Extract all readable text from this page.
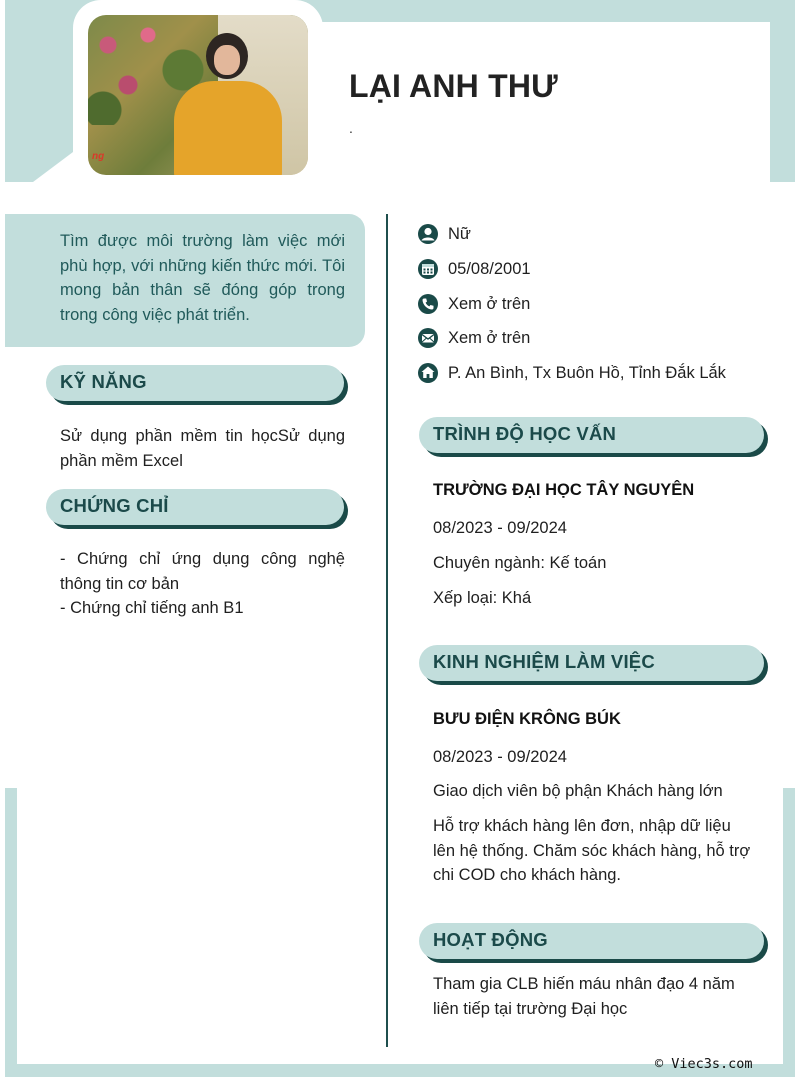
ng
LẠI ANH THƯ
.
Tìm được môi trường làm việc mới phù hợp, với những kiến thức mới. Tôi mong bản thân sẽ đóng góp trong trong công việc phát triển.
KỸ NĂNG
Sử dụng phần mềm tin họcSử dụng phần mềm Excel
CHỨNG CHỈ
- Chứng chỉ ứng dụng công nghệ thông tin cơ bản
- Chứng chỉ tiếng anh B1
Nữ
05/08/2001
Xem ở trên
Xem ở trên
P. An Bình, Tx Buôn Hồ, Tỉnh Đắk Lắk
TRÌNH ĐỘ HỌC VẤN
TRƯỜNG ĐẠI HỌC TÂY NGUYÊN
08/2023 - 09/2024
Chuyên ngành: Kế toán
Xếp loại: Khá
KINH NGHIỆM LÀM VIỆC
BƯU ĐIỆN KRÔNG BÚK
08/2023 - 09/2024
Giao dịch viên bộ phận Khách hàng lớn
Hỗ trợ khách hàng lên đơn, nhập dữ liệu lên hệ thống. Chăm sóc khách hàng, hỗ trợ chi COD cho khách hàng.
HOẠT ĐỘNG
Tham gia CLB hiến máu nhân đạo 4 năm liên tiếp tại trường Đại học
© Viec3s.com
